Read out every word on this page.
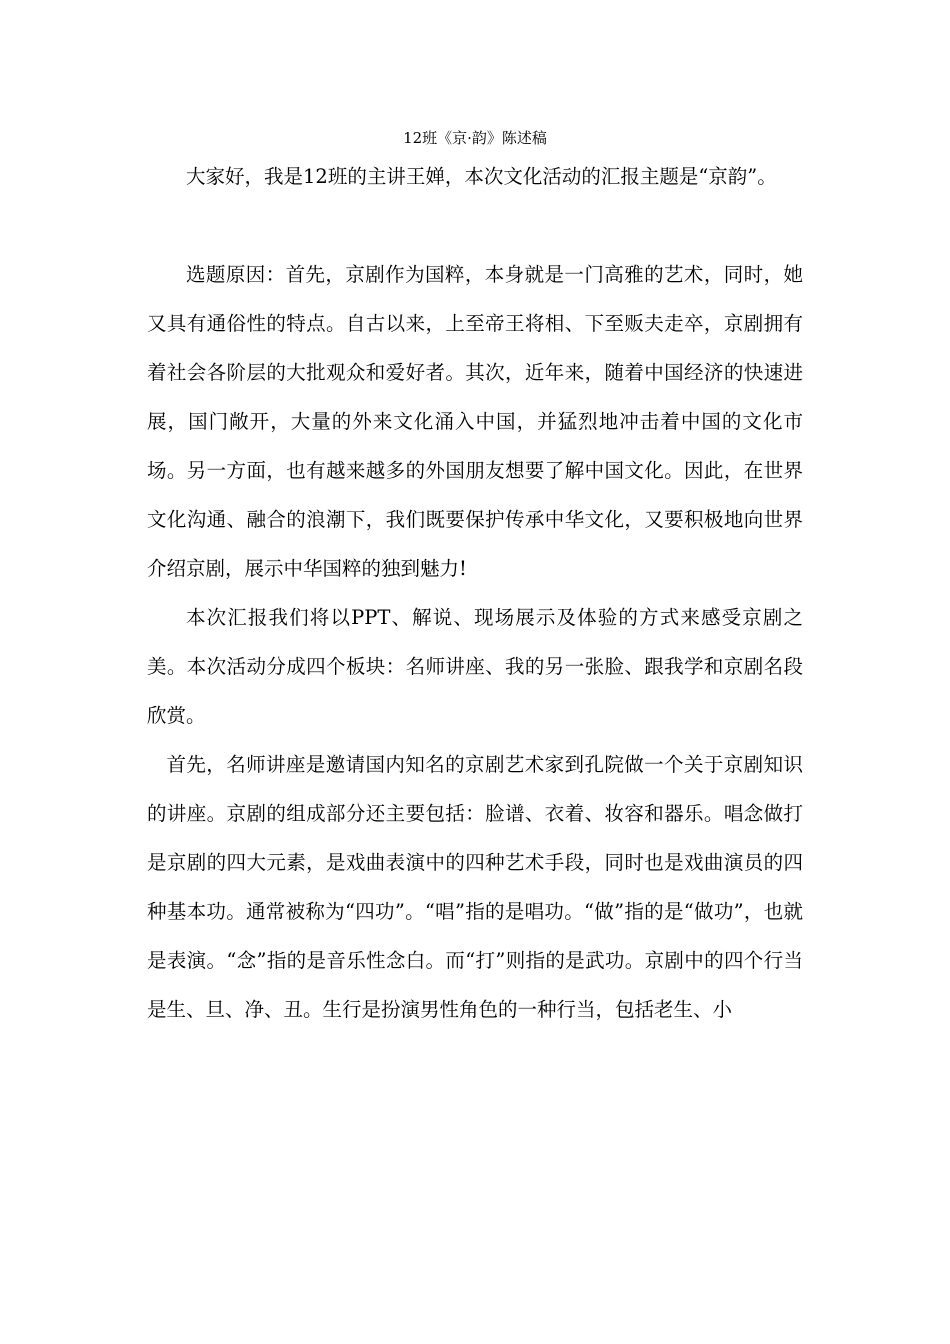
12班《京·韵》陈述稿

大家好，我是12班的主讲王婵，本次文化活动的汇报主题是“京韵”。

选题原因：首先，京剧作为国粹，本身就是一门高雅的艺术，同时，她又具有通俗性的特点。自古以来，上至帝王将相、下至贩夫走卒，京剧拥有着社会各阶层的大批观众和爱好者。其次，近年来，随着中国经济的快速进展，国门敞开，大量的外来文化涌入中国，并猛烈地冲击着中国的文化市场。另一方面，也有越来越多的外国朋友想要了解中国文化。因此，在世界文化沟通、融合的浪潮下，我们既要保护传承中华文化，又要积极地向世界介绍京剧，展示中华国粹的独到魅力!

本次汇报我们将以PPT、解说、现场展示及体验的方式来感受京剧之美。本次活动分成四个板块：名师讲座、我的另一张脸、跟我学和京剧名段欣赏。

首先，名师讲座是邀请国内知名的京剧艺术家到孔院做一个关于京剧知识的讲座。京剧的组成部分还主要包括：脸谱、衣着、妆容和器乐。唱念做打是京剧的四大元素，是戏曲表演中的四种艺术手段，同时也是戏曲演员的四种基本功。通常被称为“四功”。“唱”指的是唱功。“做”指的是“做功”，也就是表演。“念”指的是音乐性念白。而“打”则指的是武功。京剧中的四个行当是生、旦、净、丑。生行是扮演男性角色的一种行当，包括老生、小
